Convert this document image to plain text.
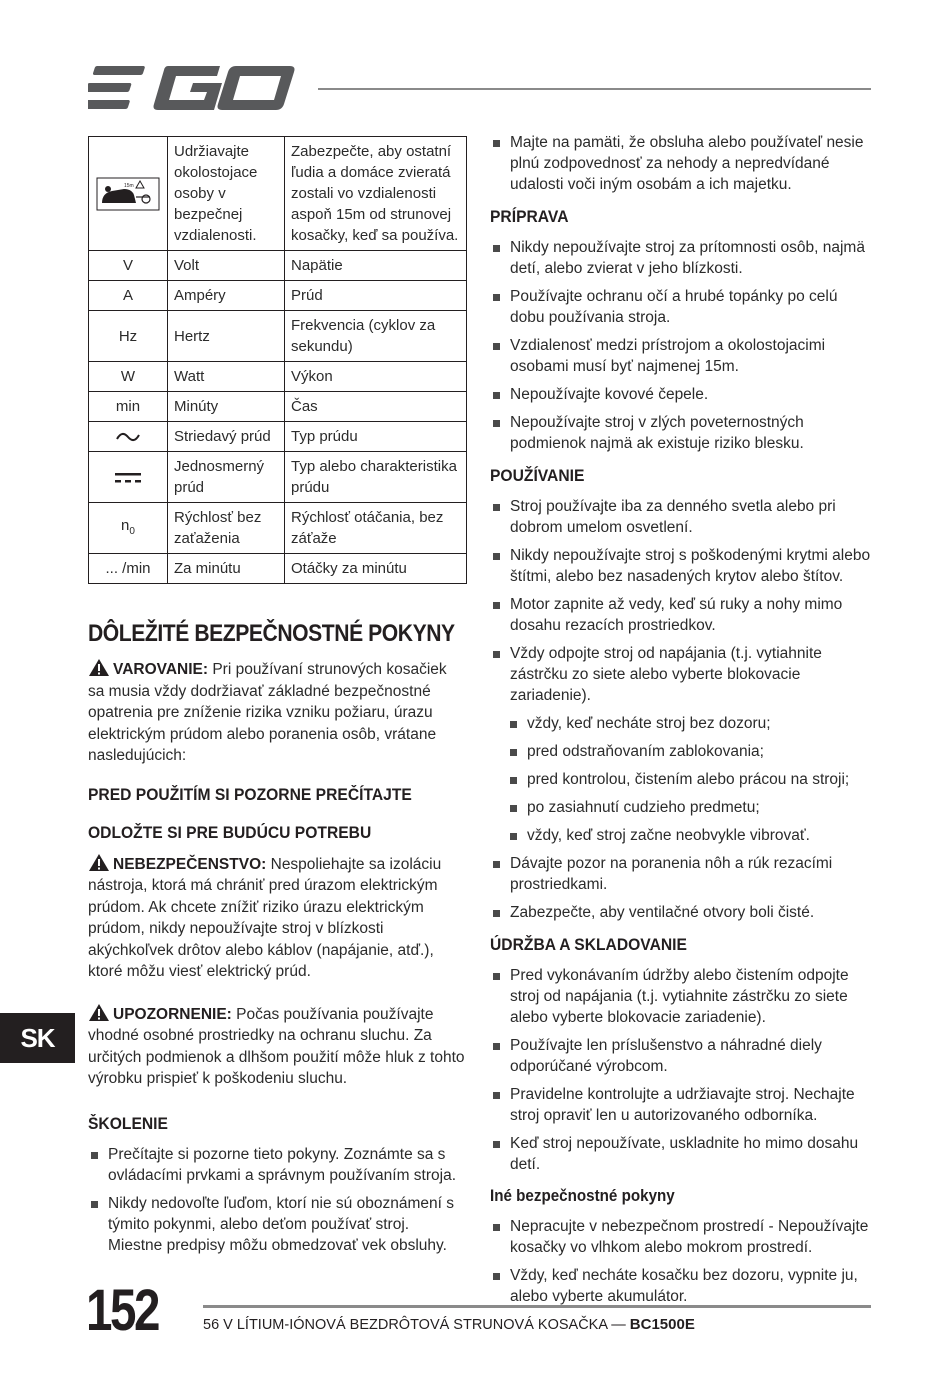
15m	Udržiavajte okolostojace osoby v bezpečnej vzdialenosti.	Zabezpečte, aby ostatní ľudia a domáce zvieratá zostali vo vzdialenosti aspoň 15m od strunovej kosačky, keď sa používa.
V	Volt	Napätie
A	Ampéry	Prúd
Hz	Hertz	Frekvencia (cyklov za sekundu)
W	Watt	Výkon
min	Minúty	Čas
	Striedavý prúd	Typ prúdu
	Jednosmerný prúd	Typ alebo charakteristika prúdu
$n_0$	Rýchlosť bez zaťaženia	Rýchlosť otáčania, bez záťaže
... /min	Za minútu	Otáčky za minútu
DÔLEŽITÉ BEZPEČNOSTNÉ POKYNY

VAROVANIE: Pri používaní strunových kosačiek sa musia vždy dodržiavať základné bezpečnostné opatrenia pre zníženie rizika vzniku požiaru, úrazu elektrickým prúdom alebo poranenia osôb, vrátane nasledujúcich:

PRED POUŽITÍM SI POZORNE PREČÍTAJTE
ODLOŽTE SI PRE BUDÚCU POTREBU

NEBEZPEČENSTVO: Nespoliehajte sa izoláciu nástroja, ktorá má chrániť pred úrazom elektrickým prúdom. Ak chcete znížiť riziko úrazu elektrickým prúdom, nikdy nepoužívajte stroj v blízkosti akýchkoľvek drôtov alebo káblov (napájanie, atď.), ktoré môžu viesť elektrický prúd.

UPOZORNENIE: Počas používania používajte vhodné osobné prostriedky na ochranu sluchu. Za určitých podmienok a dlhšom použití môže hluk z tohto výrobku prispieť k poškodeniu sluchu.

ŠKOLENIE
Prečítajte si pozorne tieto pokyny. Zoznámte sa s ovládacími prvkami a správnym používaním stroja.
Nikdy nedovoľte ľuďom, ktorí nie sú oboznámení s týmito pokynmi, alebo deťom používať stroj. Miestne predpisy môžu obmedzovať vek obsluhy.
Majte na pamäti, že obsluha alebo používateľ nesie plnú zodpovednosť za nehody a nepredvídané udalosti voči iným osobám a ich majetku.
PRÍPRAVA
Nikdy nepoužívajte stroj za prítomnosti osôb, najmä detí, alebo zvierat v jeho blízkosti.
Používajte ochranu očí a hrubé topánky po celú dobu používania stroja.
Vzdialenosť medzi prístrojom a okolostojacimi osobami musí byť najmenej 15m.
Nepoužívajte kovové čepele.
Nepoužívajte stroj v zlých poveternostných podmienok najmä ak existuje riziko blesku.
POUŽÍVANIE
Stroj používajte iba za denného svetla alebo pri dobrom umelom osvetlení.
Nikdy nepoužívajte stroj s poškodenými krytmi alebo štítmi, alebo bez nasadených krytov alebo štítov.
Motor zapnite až vedy, keď sú ruky a nohy mimo dosahu rezacích prostriedkov.
Vždy odpojte stroj od napájania (t.j. vytiahnite zástrčku zo siete alebo vyberte blokovacie zariadenie).
vždy, keď necháte stroj bez dozoru;
pred odstraňovaním zablokovania;
pred kontrolou, čistením alebo prácou na stroji;
po zasiahnutí cudzieho predmetu;
vždy, keď stroj začne neobvykle vibrovať.
Dávajte pozor na poranenia nôh a rúk rezacími prostriedkami.
Zabezpečte, aby ventilačné otvory boli čisté.
ÚDRŽBA A SKLADOVANIE
Pred vykonávaním údržby alebo čistením odpojte stroj od napájania (t.j. vytiahnite zástrčku zo siete alebo vyberte blokovacie zariadenie).
Používajte len príslušenstvo a náhradné diely odporúčané výrobcom.
Pravidelne kontrolujte a udržiavajte stroj. Nechajte stroj opraviť len u autorizovaného odborníka.
Keď stroj nepoužívate, uskladnite ho mimo dosahu detí.
Iné bezpečnostné pokyny
Nepracujte v nebezpečnom prostredí - Nepoužívajte kosačky vo vlhkom alebo mokrom prostredí.
Vždy, keď necháte kosačku bez dozoru, vypnite ju, alebo vyberte akumulátor.
SK
152	56 V LÍTIUM-IÓNOVÁ BEZDRÔTOVÁ STRUNOVÁ KOSAČKA — BC1500E
